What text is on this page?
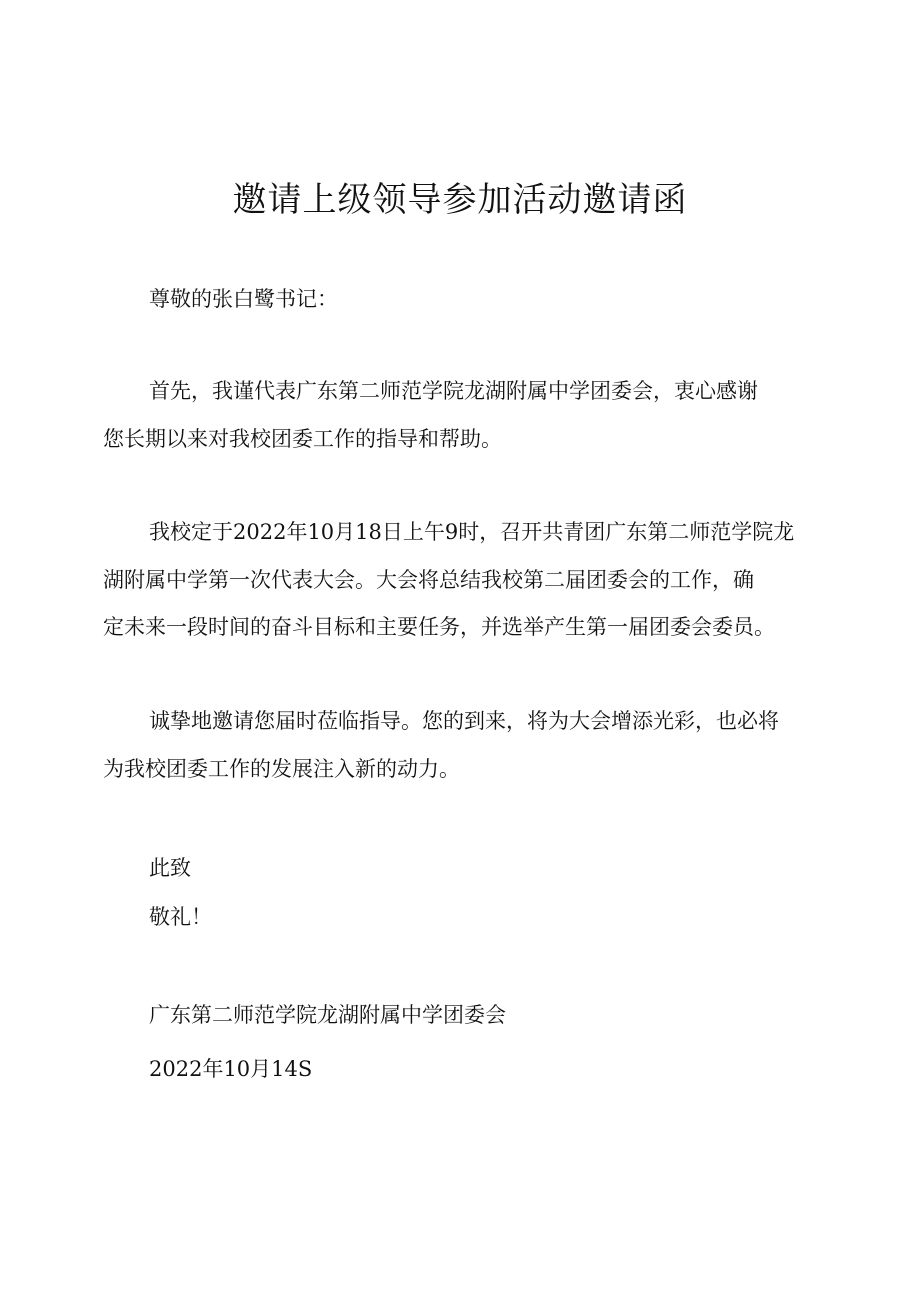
邀请上级领导参加活动邀请函

尊敬的张白鹭书记：

首先，我谨代表广东第二师范学院龙湖附属中学团委会，衷心感谢

您长期以来对我校团委工作的指导和帮助。

我校定于2022年10月18日上午9时，召开共青团广东第二师范学院龙

湖附属中学第一次代表大会。大会将总结我校第二届团委会的工作，确

定未来一段时间的奋斗目标和主要任务，并选举产生第一届团委会委员。

诚挚地邀请您届时莅临指导。您的到来，将为大会增添光彩，也必将

为我校团委工作的发展注入新的动力。

此致

敬礼！

广东第二师范学院龙湖附属中学团委会

2022年10月14S
